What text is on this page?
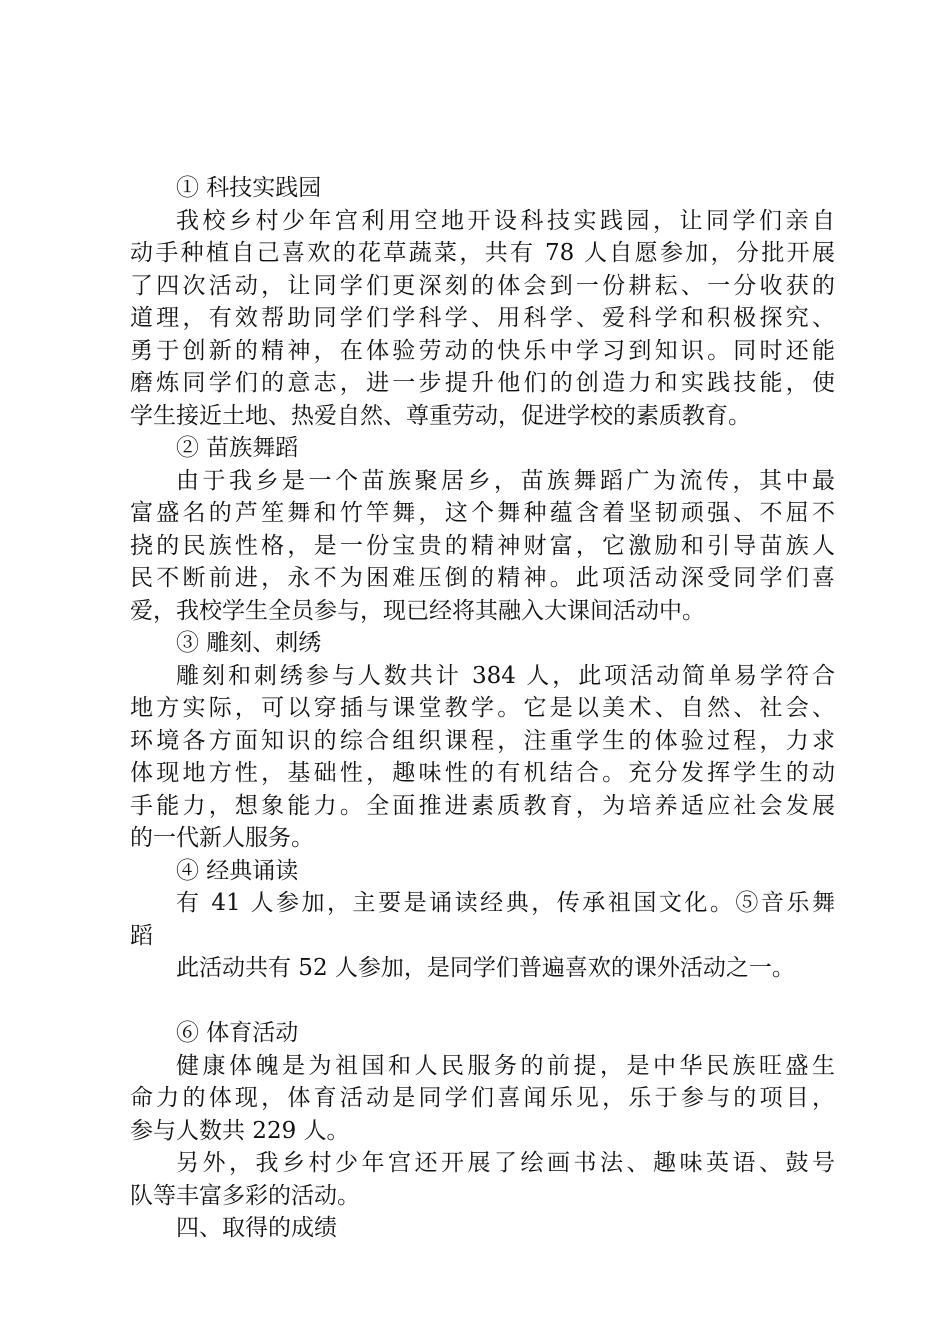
① 科技实践园
我校乡村少年宫利用空地开设科技实践园，让同学们亲自
动手种植自己喜欢的花草蔬菜，共有 78 人自愿参加，分批开展
了四次活动，让同学们更深刻的体会到一份耕耘、一分收获的
道理，有效帮助同学们学科学、用科学、爱科学和积极探究、
勇于创新的精神，在体验劳动的快乐中学习到知识。同时还能
磨炼同学们的意志，进一步提升他们的创造力和实践技能，使
学生接近土地、热爱自然、尊重劳动，促进学校的素质教育。
② 苗族舞蹈
由于我乡是一个苗族聚居乡，苗族舞蹈广为流传，其中最
富盛名的芦笙舞和竹竿舞，这个舞种蕴含着坚韧顽强、不屈不
挠的民族性格，是一份宝贵的精神财富，它激励和引导苗族人
民不断前进，永不为困难压倒的精神。此项活动深受同学们喜
爱，我校学生全员参与，现已经将其融入大课间活动中。
③ 雕刻、刺绣
雕刻和刺绣参与人数共计 384 人，此项活动简单易学符合
地方实际，可以穿插与课堂教学。它是以美术、自然、社会、
环境各方面知识的综合组织课程，注重学生的体验过程，力求
体现地方性，基础性，趣味性的有机结合。充分发挥学生的动
手能力，想象能力。全面推进素质教育，为培养适应社会发展
的一代新人服务。
④ 经典诵读
有 41 人参加，主要是诵读经典，传承祖国文化。⑤音乐舞
蹈
此活动共有 52 人参加，是同学们普遍喜欢的课外活动之一。
⑥ 体育活动
健康体魄是为祖国和人民服务的前提，是中华民族旺盛生
命力的体现，体育活动是同学们喜闻乐见，乐于参与的项目，
参与人数共 229 人。
另外，我乡村少年宫还开展了绘画书法、趣味英语、鼓号
队等丰富多彩的活动。
四、取得的成绩
